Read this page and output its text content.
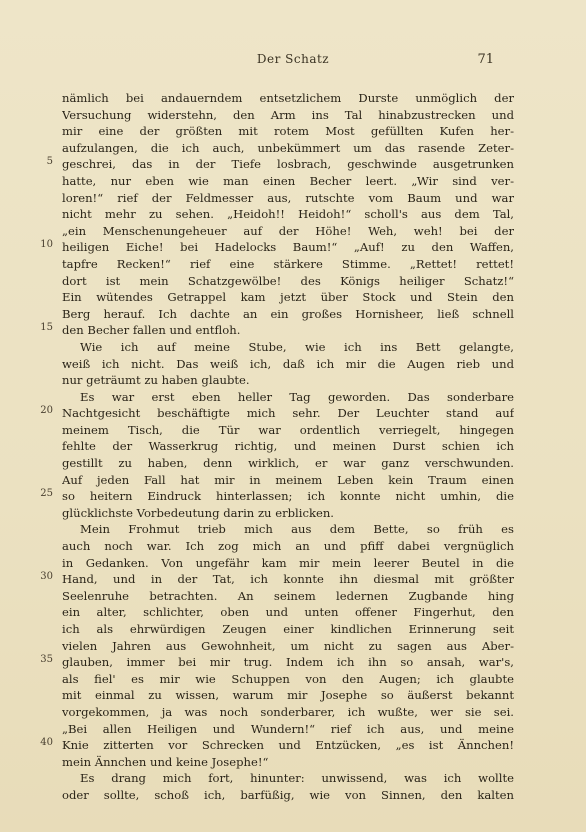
Der Schatz	71
nämlich bei andauerndem entsetzlichem Durste unmöglich der
Versuchung widerstehn, den Arm ins Tal hinabzustrecken und
mir eine der größten mit rotem Most gefüllten Kufen her-
aufzulangen, die ich auch, unbekümmert um das rasende Zeter-
5 geschrei, das in der Tiefe losbrach, geschwinde ausgetrunken
hatte, nur eben wie man einen Becher leert. „Wir sind ver-
loren!“ rief der Feldmesser aus, rutschte vom Baum und war
nicht mehr zu sehen. „Heidoh!! Heidoh!“ scholl's aus dem Tal,
„ein Menschenungeheuer auf der Höhe! Weh, weh! bei der
10 heiligen Eiche! bei Hadelocks Baum!“ „Auf! zu den Waffen,
tapfre Recken!“ rief eine stärkere Stimme. „Rettet! rettet!
dort ist mein Schatzgewölbe! des Königs heiliger Schatz!“
Ein wütendes Getrappel kam jetzt über Stock und Stein den
Berg herauf. Ich dachte an ein großes Hornisheer, ließ schnell
15 den Becher fallen und entfloh.
Wie ich auf meine Stube, wie ich ins Bett gelangte,
weiß ich nicht. Das weiß ich, daß ich mir die Augen rieb und
nur geträumt zu haben glaubte.
Es war erst eben heller Tag geworden. Das sonderbare
20 Nachtgesicht beschäftigte mich sehr. Der Leuchter stand auf
meinem Tisch, die Tür war ordentlich verriegelt, hingegen
fehlte der Wasserkrug richtig, und meinen Durst schien ich
gestillt zu haben, denn wirklich, er war ganz verschwunden.
Auf jeden Fall hat mir in meinem Leben kein Traum einen
25 so heitern Eindruck hinterlassen; ich konnte nicht umhin, die
glücklichste Vorbedeutung darin zu erblicken.
Mein Frohmut trieb mich aus dem Bette, so früh es
auch noch war. Ich zog mich an und pfiff dabei vergnüglich
in Gedanken. Von ungefähr kam mir mein leerer Beutel in die
30 Hand, und in der Tat, ich konnte ihn diesmal mit größter
Seelenruhe betrachten. An seinem ledernen Zugbande hing
ein alter, schlichter, oben und unten offener Fingerhut, den
ich als ehrwürdigen Zeugen einer kindlichen Erinnerung seit
vielen Jahren aus Gewohnheit, um nicht zu sagen aus Aber-
35 glauben, immer bei mir trug. Indem ich ihn so ansah, war's,
als fiel' es mir wie Schuppen von den Augen; ich glaubte
mit einmal zu wissen, warum mir Josephe so äußerst bekannt
vorgekommen, ja was noch sonderbarer, ich wußte, wer sie sei.
„Bei allen Heiligen und Wundern!“ rief ich aus, und meine
40 Knie zitterten vor Schrecken und Entzücken, „es ist Ännchen!
mein Ännchen und keine Josephe!“
Es drang mich fort, hinunter: unwissend, was ich wollte
oder sollte, schoß ich, barfüßig, wie von Sinnen, den kalten
